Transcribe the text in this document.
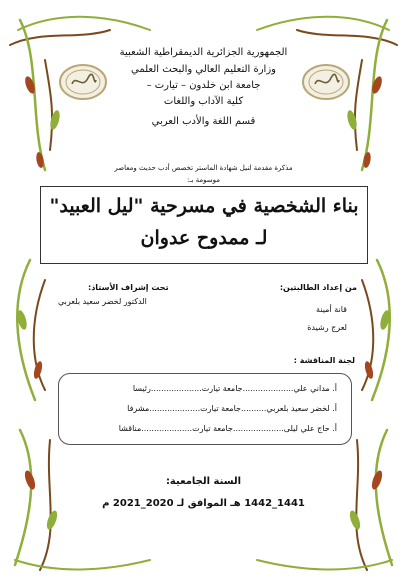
الجمهورية الجزائرية الديمقراطية الشعبية
وزارة التعليم العالي والبحث العلمي
جامعة ابن خلدون – تيارت –
كلية الآداب واللغات
قسم اللغة والأدب العربي
مذكرة مقدمة لنيل شهادة الماستر تخصص أدب حديث ومعاصر
موسومة بـ:
بناء الشخصية في مسرحية "ليل العبيد"
لـ ممدوح عدوان
من إعداد الطالبتين:
قانة أمينة
لعرج رشيدة
تحت إشراف الأستاذ:
الدكتور لخضر سعيد بلعربي
لجنة المناقشة :
أ. مداني علي....................جامعة تيارت....................رئيسا
أ. لخضر سعيد بلعربي..........جامعة تيارت....................مشرفا
أ. حاج علي ليلى....................جامعة تيارت....................مناقشا
السنة الجامعية:
1441_1442 هـ الموافق لـ 2020_2021 م
